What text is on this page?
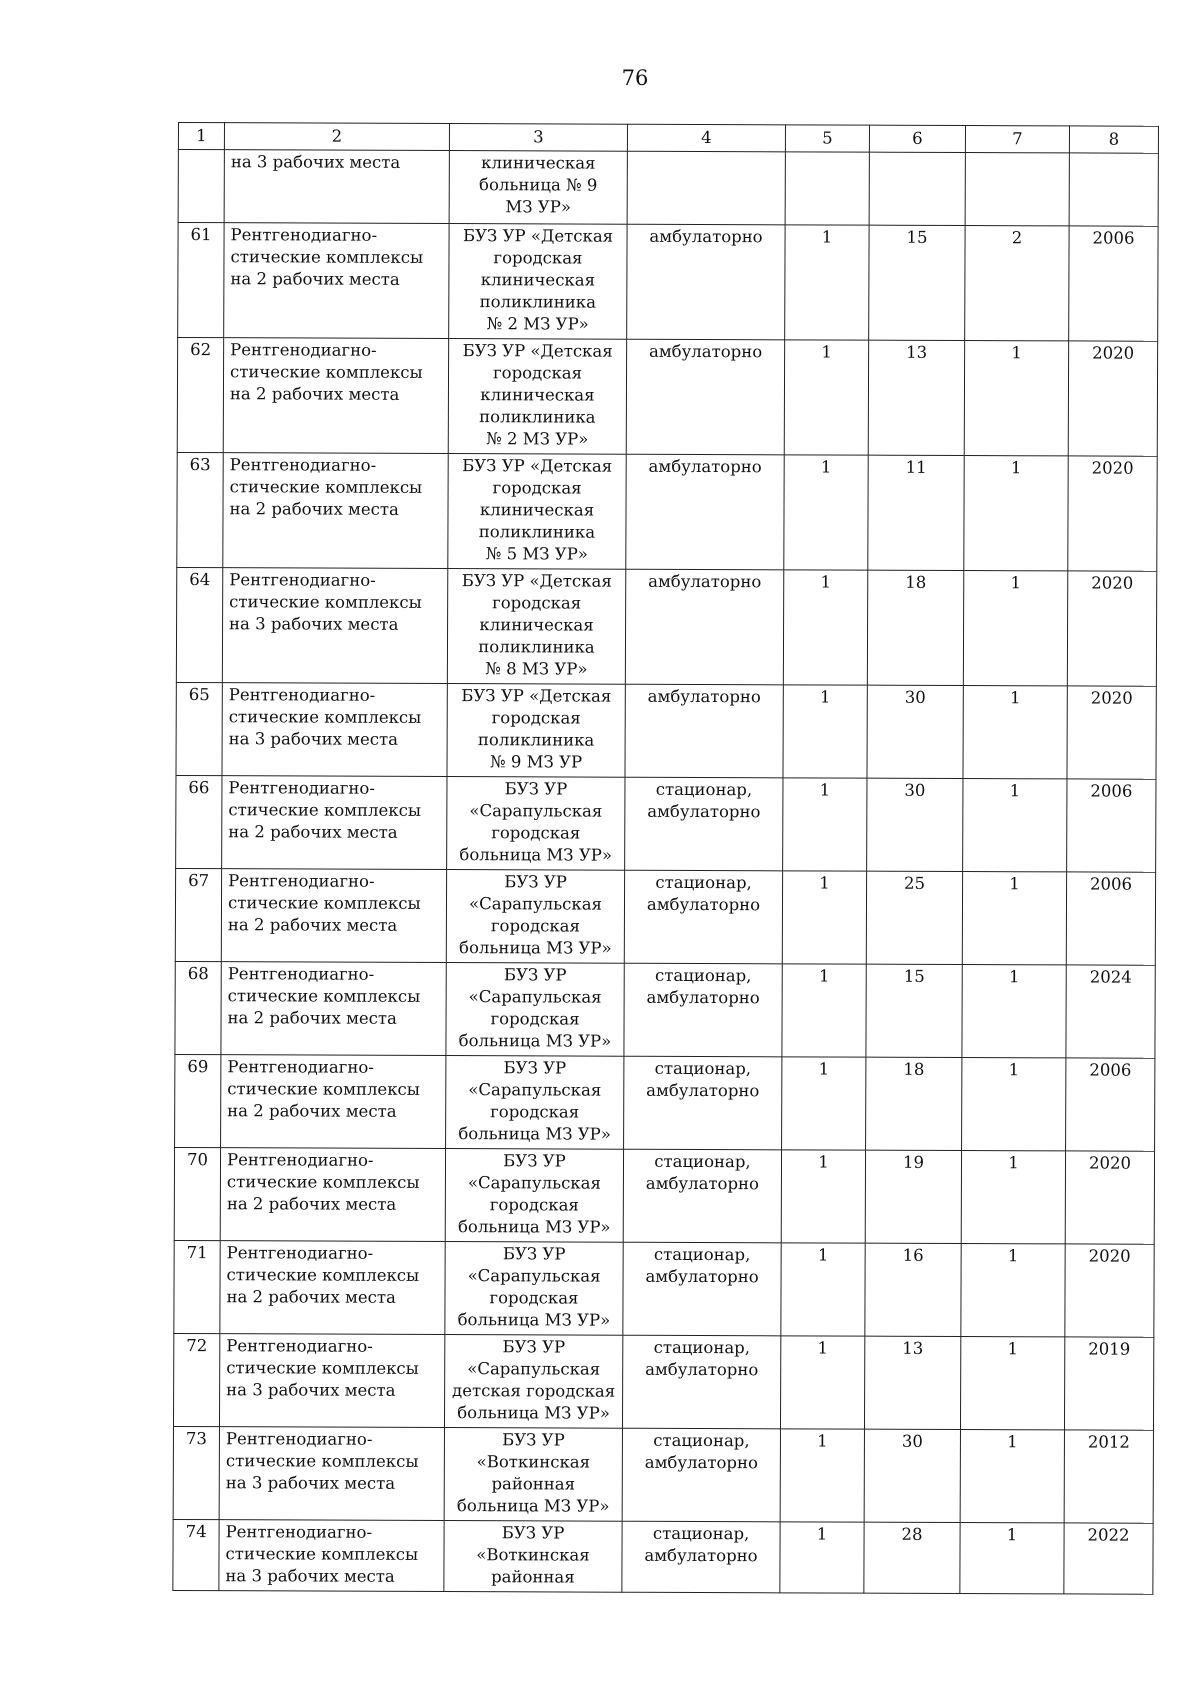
76
1	2	3	4	5	6	7	8
	на 3 рабочих места	клиническая
больница № 9
МЗ УР»					
61	Рентгенодиагно-стические комплексы на 2 рабочих места	БУЗ УР «Детская
городская
клиническая
поликлиника
№ 2 МЗ УР»	амбулаторно	1	15	2	2006
62	Рентгенодиагно-стические комплексы на 2 рабочих места	БУЗ УР «Детская
городская
клиническая
поликлиника
№ 2 МЗ УР»	амбулаторно	1	13	1	2020
63	Рентгенодиагно-стические комплексы на 2 рабочих места	БУЗ УР «Детская
городская
клиническая
поликлиника
№ 5 МЗ УР»	амбулаторно	1	11	1	2020
64	Рентгенодиагно-стические комплексы на 3 рабочих места	БУЗ УР «Детская
городская
клиническая
поликлиника
№ 8 МЗ УР»	амбулаторно	1	18	1	2020
65	Рентгенодиагно-стические комплексы на 3 рабочих места	БУЗ УР «Детская
городская
поликлиника
№ 9 МЗ УР	амбулаторно	1	30	1	2020
66	Рентгенодиагно-стические комплексы на 2 рабочих места	БУЗ УР
«Сарапульская
городская
больница МЗ УР»	стационар,
амбулаторно	1	30	1	2006
67	Рентгенодиагно-стические комплексы на 2 рабочих места	БУЗ УР
«Сарапульская
городская
больница МЗ УР»	стационар,
амбулаторно	1	25	1	2006
68	Рентгенодиагно-стические комплексы на 2 рабочих места	БУЗ УР
«Сарапульская
городская
больница МЗ УР»	стационар,
амбулаторно	1	15	1	2024
69	Рентгенодиагно-стические комплексы на 2 рабочих места	БУЗ УР
«Сарапульская
городская
больница МЗ УР»	стационар,
амбулаторно	1	18	1	2006
70	Рентгенодиагно-стические комплексы на 2 рабочих места	БУЗ УР
«Сарапульская
городская
больница МЗ УР»	стационар,
амбулаторно	1	19	1	2020
71	Рентгенодиагно-стические комплексы на 2 рабочих места	БУЗ УР
«Сарапульская
городская
больница МЗ УР»	стационар,
амбулаторно	1	16	1	2020
72	Рентгенодиагно-стические комплексы на 3 рабочих места	БУЗ УР
«Сарапульская
детская городская
больница МЗ УР»	стационар,
амбулаторно	1	13	1	2019
73	Рентгенодиагно-стические комплексы на 3 рабочих места	БУЗ УР
«Воткинская
районная
больница МЗ УР»	стационар,
амбулаторно	1	30	1	2012
74	Рентгенодиагно-стические комплексы на 3 рабочих места	БУЗ УР
«Воткинская
районная	стационар,
амбулаторно	1	28	1	2022
